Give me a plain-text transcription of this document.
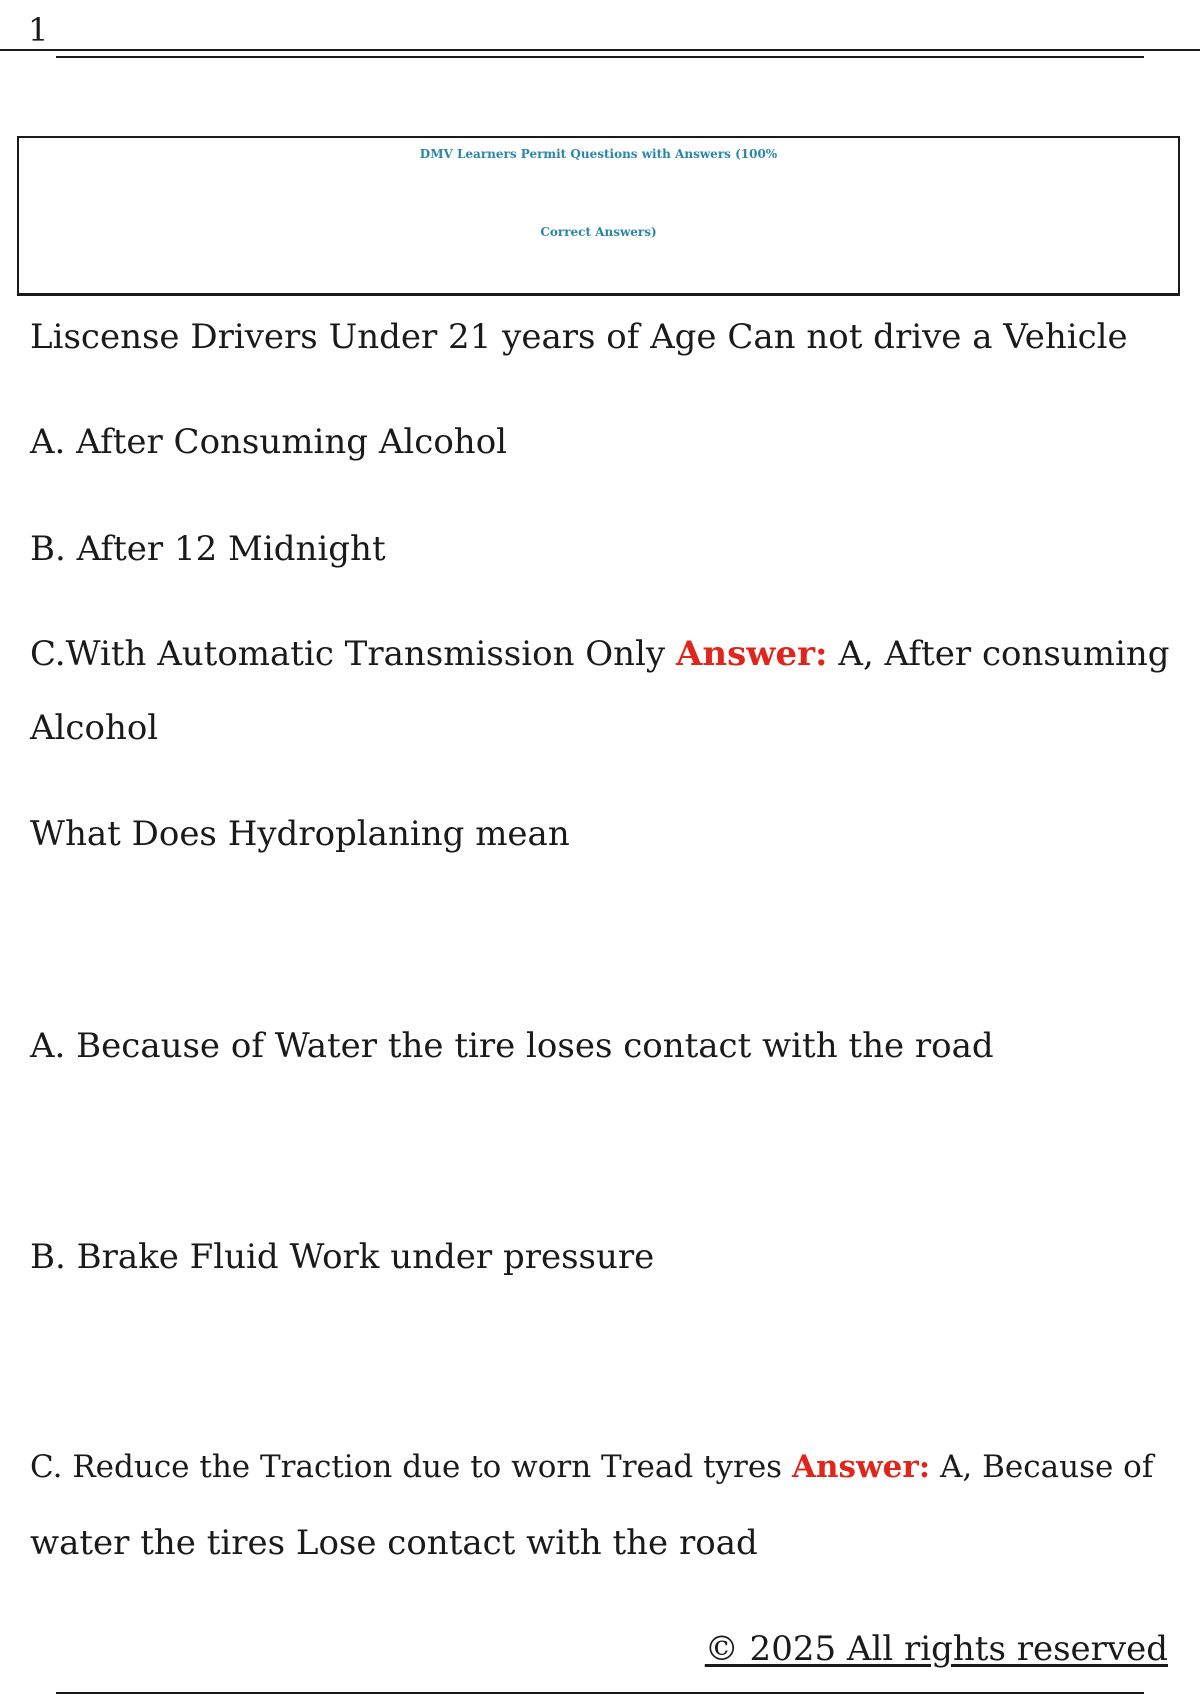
1
DMV Learners Permit Questions with Answers (100%
Correct Answers)
Liscense Drivers Under 21 years of Age Can not drive a Vehicle
A. After Consuming Alcohol
B. After 12 Midnight
C.With Automatic Transmission Only Answer: A, After consuming
Alcohol
What Does Hydroplaning mean
A. Because of Water the tire loses contact with the road
B. Brake Fluid Work under pressure
C. Reduce the Traction due to worn Tread tyres Answer: A, Because of
water the tires Lose contact with the road
© 2025 All rights reserved
